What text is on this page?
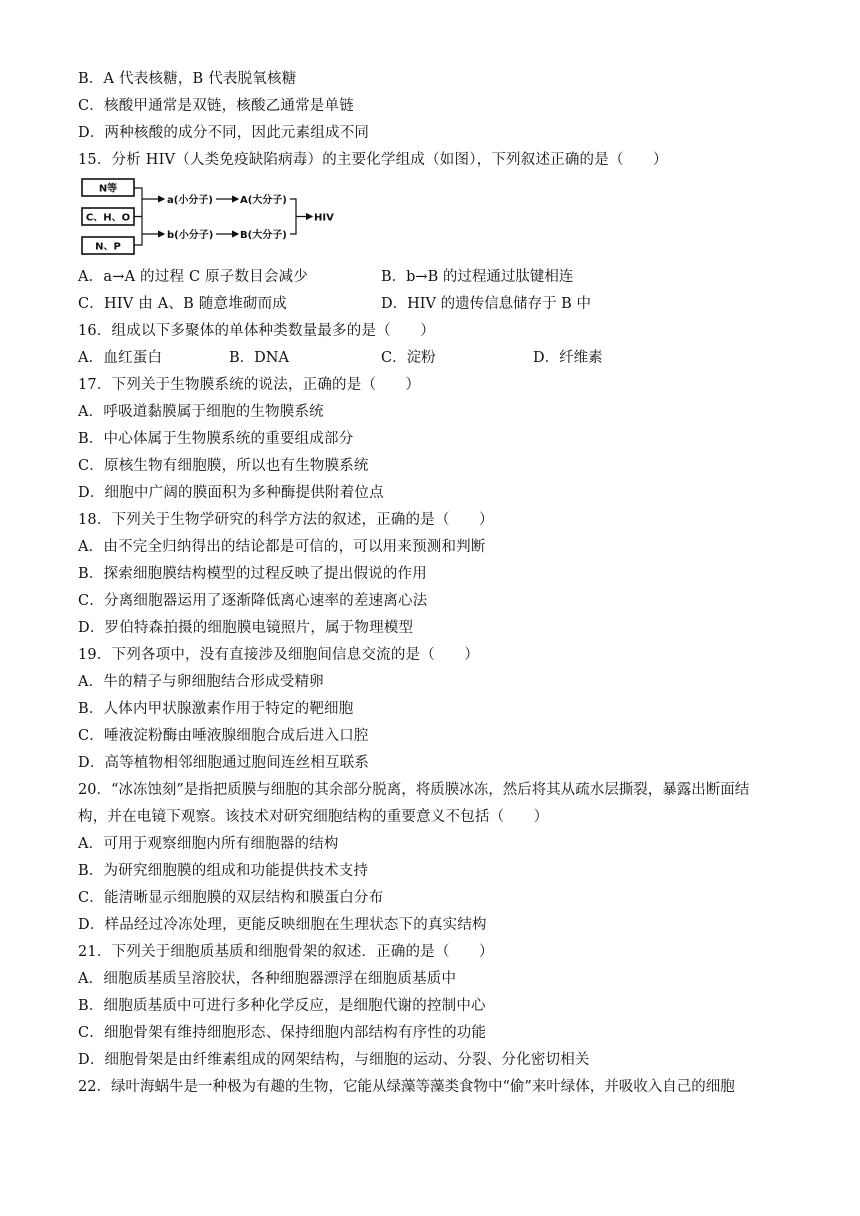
B．A 代表核糖，B 代表脱氧核糖
C．核酸甲通常是双链，核酸乙通常是单链
D．两种核酸的成分不同，因此元素组成不同
15．分析 HIV（人类免疫缺陷病毒）的主要化学组成（如图），下列叙述正确的是（　　）
N等
C、H、O
N、P
a(小分子)	A(大分子)
b(小分子)	B(大分子)
HIV
A．a→A 的过程 C 原子数目会减少	B．b→B 的过程通过肽键相连
C．HIV 由 A、B 随意堆砌而成	D．HIV 的遗传信息储存于 B 中
16．组成以下多聚体的单体种类数量最多的是（　　）
A．血红蛋白	B．DNA	C．淀粉	D．纤维素
17．下列关于生物膜系统的说法，正确的是（　　）
A．呼吸道黏膜属于细胞的生物膜系统
B．中心体属于生物膜系统的重要组成部分
C．原核生物有细胞膜，所以也有生物膜系统
D．细胞中广阔的膜面积为多种酶提供附着位点
18．下列关于生物学研究的科学方法的叙述，正确的是（　　）
A．由不完全归纳得出的结论都是可信的，可以用来预测和判断
B．探索细胞膜结构模型的过程反映了提出假说的作用
C．分离细胞器运用了逐渐降低离心速率的差速离心法
D．罗伯特森拍摄的细胞膜电镜照片，属于物理模型
19．下列各项中，没有直接涉及细胞间信息交流的是（　　）
A．牛的精子与卵细胞结合形成受精卵
B．人体内甲状腺激素作用于特定的靶细胞
C．唾液淀粉酶由唾液腺细胞合成后进入口腔
D．高等植物相邻细胞通过胞间连丝相互联系
20．“冰冻蚀刻”是指把质膜与细胞的其余部分脱离，将质膜冰冻，然后将其从疏水层撕裂，暴露出断面结
构，并在电镜下观察。该技术对研究细胞结构的重要意义不包括（　　）
A．可用于观察细胞内所有细胞器的结构
B．为研究细胞膜的组成和功能提供技术支持
C．能清晰显示细胞膜的双层结构和膜蛋白分布
D．样品经过冷冻处理，更能反映细胞在生理状态下的真实结构
21．下列关于细胞质基质和细胞骨架的叙述．正确的是（　　）
A．细胞质基质呈溶胶状，各种细胞器漂浮在细胞质基质中
B．细胞质基质中可进行多种化学反应，是细胞代谢的控制中心
C．细胞骨架有维持细胞形态、保持细胞内部结构有序性的功能
D．细胞骨架是由纤维素组成的网架结构，与细胞的运动、分裂、分化密切相关
22．绿叶海蜗牛是一种极为有趣的生物，它能从绿藻等藻类食物中“偷”来叶绿体，并吸收入自己的细胞
